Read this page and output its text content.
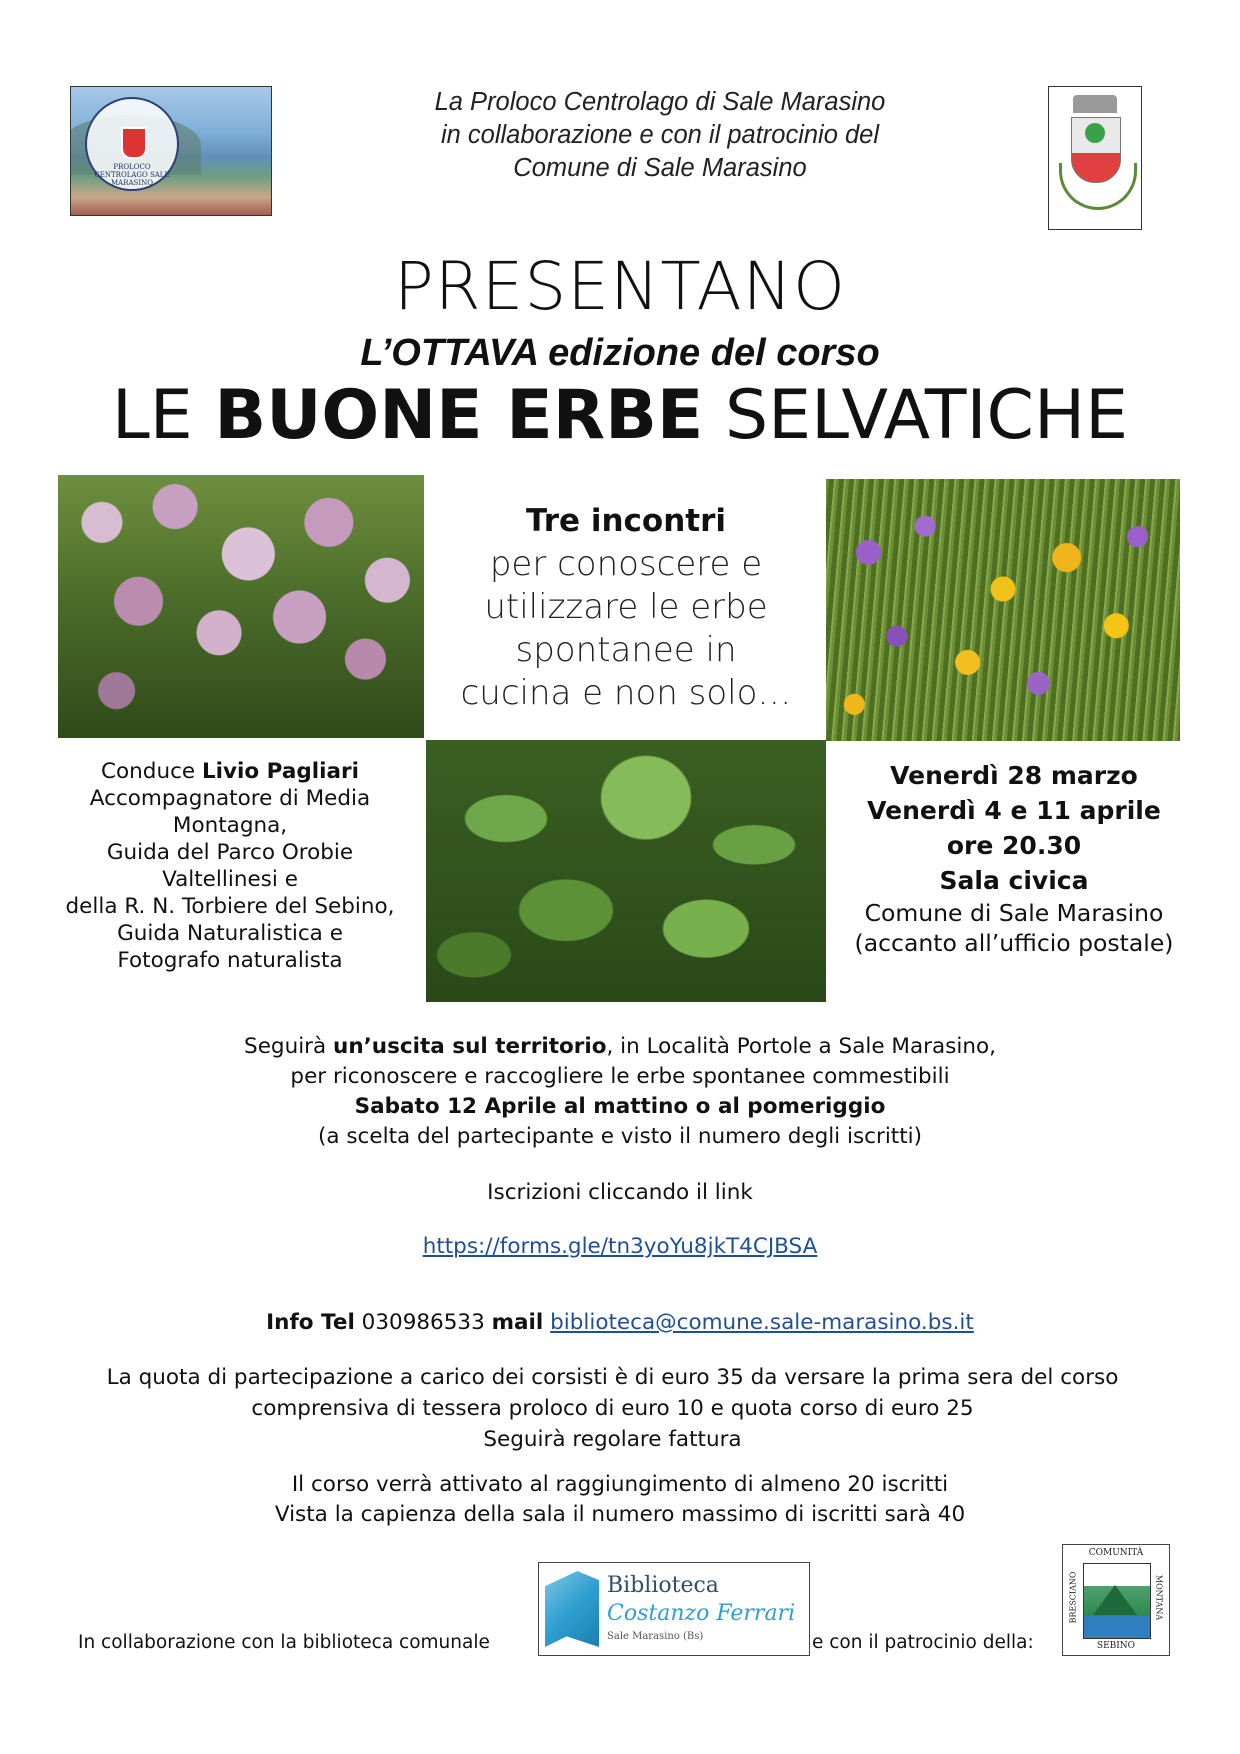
PROLOCO CENTROLAGO SALE MARASINO
La Proloco Centrolago di Sale Marasino
in collaborazione e con il patrocinio del
Comune di Sale Marasino
PRESENTANO
L’OTTAVA edizione del corso
LE BUONE ERBE SELVATICHE
Tre incontri
per conoscere e
utilizzare le erbe
spontanee in
cucina e non solo…
Conduce Livio Pagliari
Accompagnatore di Media
Montagna,
Guida del Parco Orobie
Valtellinesi e
della R. N. Torbiere del Sebino,
Guida Naturalistica e
Fotografo naturalista
Venerdì 28 marzo
Venerdì 4 e 11 aprile
ore 20.30
Sala civica
Comune di Sale Marasino
(accanto all’ufficio postale)
Seguirà un’uscita sul territorio, in Località Portole a Sale Marasino,
per riconoscere e raccogliere le erbe spontanee commestibili
Sabato 12 Aprile al mattino o al pomeriggio
(a scelta del partecipante e visto il numero degli iscritti)
Iscrizioni cliccando il link
https://forms.gle/tn3yoYu8jkT4CJBSA
Info Tel 030986533 mail biblioteca@comune.sale-marasino.bs.it
La quota di partecipazione a carico dei corsisti è di euro 35 da versare la prima sera del corso
comprensiva di tessera proloco di euro 10 e quota corso di euro 25
Seguirà regolare fattura
Il corso verrà attivato al raggiungimento di almeno 20 iscritti
Vista la capienza della sala il numero massimo di iscritti sarà 40
In collaborazione con la biblioteca comunale
Biblioteca
Costanzo Ferrari
Sale Marasino (Bs)	e con il patrocinio della:
COMUNITÀ
BRESCIANO	MONTANA
SEBINO
